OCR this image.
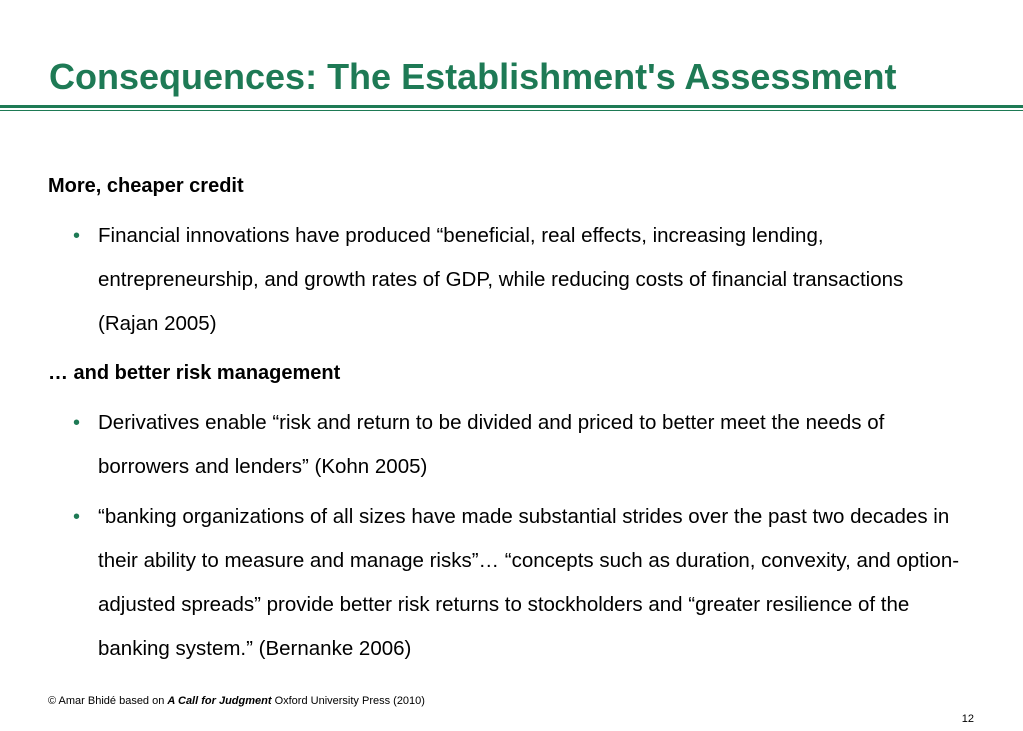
Consequences: The Establishment's Assessment

More, cheaper credit

• Financial innovations have produced “beneficial, real effects, increasing lending, entrepreneurship, and growth rates of GDP, while reducing costs of financial transactions (Rajan 2005)

… and better risk management

• Derivatives enable “risk and return to be divided and priced to better meet the needs of borrowers and lenders” (Kohn 2005)
• “banking organizations of all sizes have made substantial strides over the past two decades in their ability to measure and manage risks”… “concepts such as duration, convexity, and option-adjusted spreads” provide better risk returns to stockholders and “greater resilience of the banking system.” (Bernanke 2006)
© Amar Bhidé based on A Call for Judgment Oxford University Press (2010)
12
